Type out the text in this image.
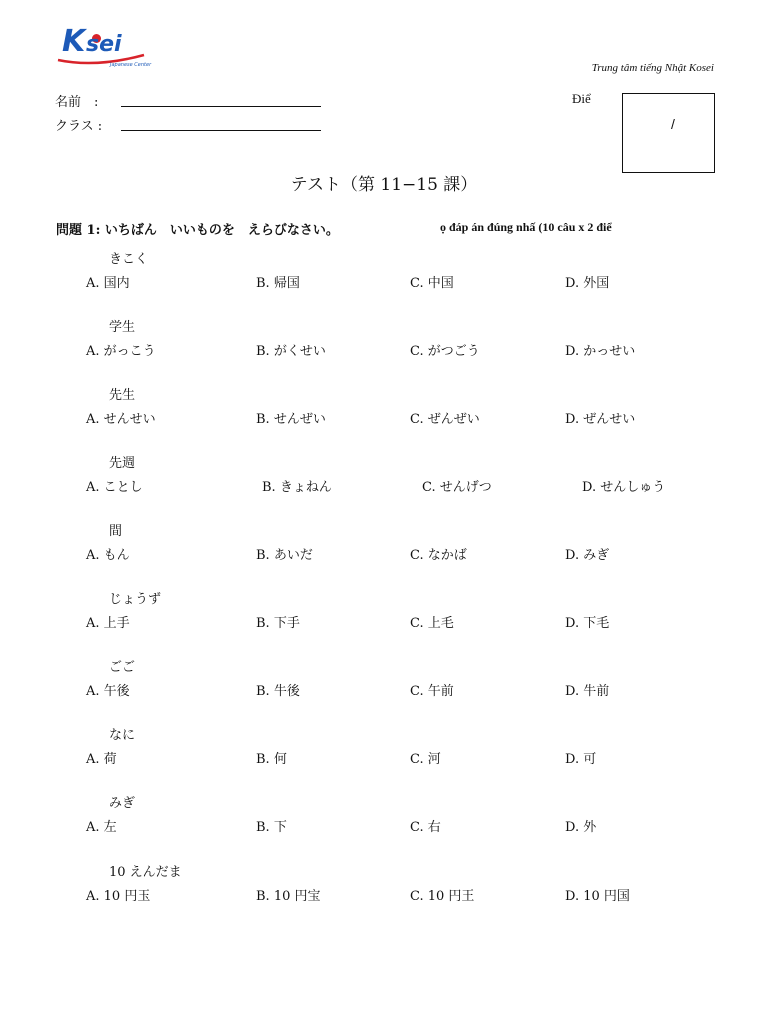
K sei
Japanese Center	Trung tâm tiếng Nhật Kosei
名前　:
クラス :
Điể
/
テスト（第 11−15 課）
問題 1: いちばん　いいものを　えらびなさい。	ọ đáp án đúng nhấ (10 câu x 2 điể
きこく
A. 国内	B. 帰国	C. 中国	D. 外国
学生
A. がっこう	B. がくせい	C. がつごう	D. かっせい
先生
A. せんせい	B. せんぜい	C. ぜんぜい	D. ぜんせい
先週
A. ことし	B. きょねん	C. せんげつ	D. せんしゅう
間
A. もん	B. あいだ	C. なかば	D. みぎ
じょうず
A. 上手	B. 下手	C. 上毛	D. 下毛
ごご
A. 午後	B. 牛後	C. 午前	D. 牛前
なに
A. 荷	B. 何	C. 河	D. 可
みぎ
A. 左	B. 下	C. 右	D. 外
10 えんだま
A. 10 円玉	B. 10 円宝	C. 10 円王	D. 10 円国
